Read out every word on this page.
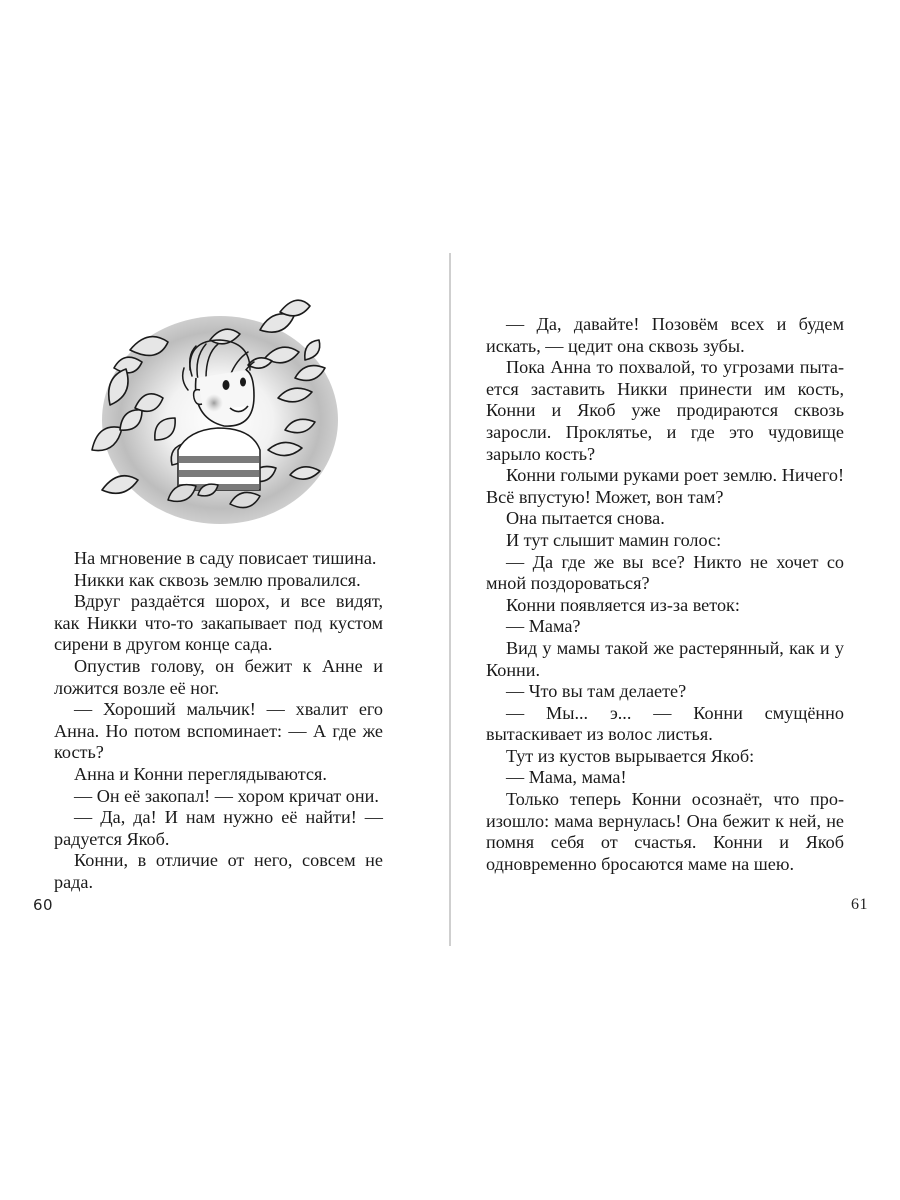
На мгновение в саду повисает тишина.

Никки как сквозь землю провалился.

Вдруг раздаётся шорох, и все видят, как Никки что-то закапывает под кустом сирени в другом конце сада.

Опустив голову, он бежит к Анне и ложится возле её ног.

— Хороший мальчик! — хвалит его Анна. Но потом вспоминает: — А где же кость?

Анна и Конни переглядываются.

— Он её закопал! — хором кричат они.

— Да, да! И нам нужно её найти! — радуется Якоб.

Конни, в отличие от него, совсем не рада.

60

— Да, давайте! Позовём всех и будем искать, — цедит она сквозь зубы.

Пока Анна то похвалой, то угрозами пытается заставить Никки принести им кость, Конни и Якоб уже продираются сквозь заросли. Проклятье, и где это чудовище зарыло кость?

Конни голыми руками роет землю. Ничего! Всё впустую! Может, вон там?

Она пытается снова.

И тут слышит мамин голос:

— Да где же вы все? Никто не хочет со мной поздороваться?

Конни появляется из-за веток:

— Мама?

Вид у мамы такой же растерянный, как и у Конни.

— Что вы там делаете?

— Мы... э... — Конни смущённо вытаскивает из волос листья.

Тут из кустов вырывается Якоб:

— Мама, мама!

Только теперь Конни осознаёт, что произошло: мама вернулась! Она бежит к ней, не помня себя от счастья. Конни и Якоб одновременно бросаются маме на шею.

61
